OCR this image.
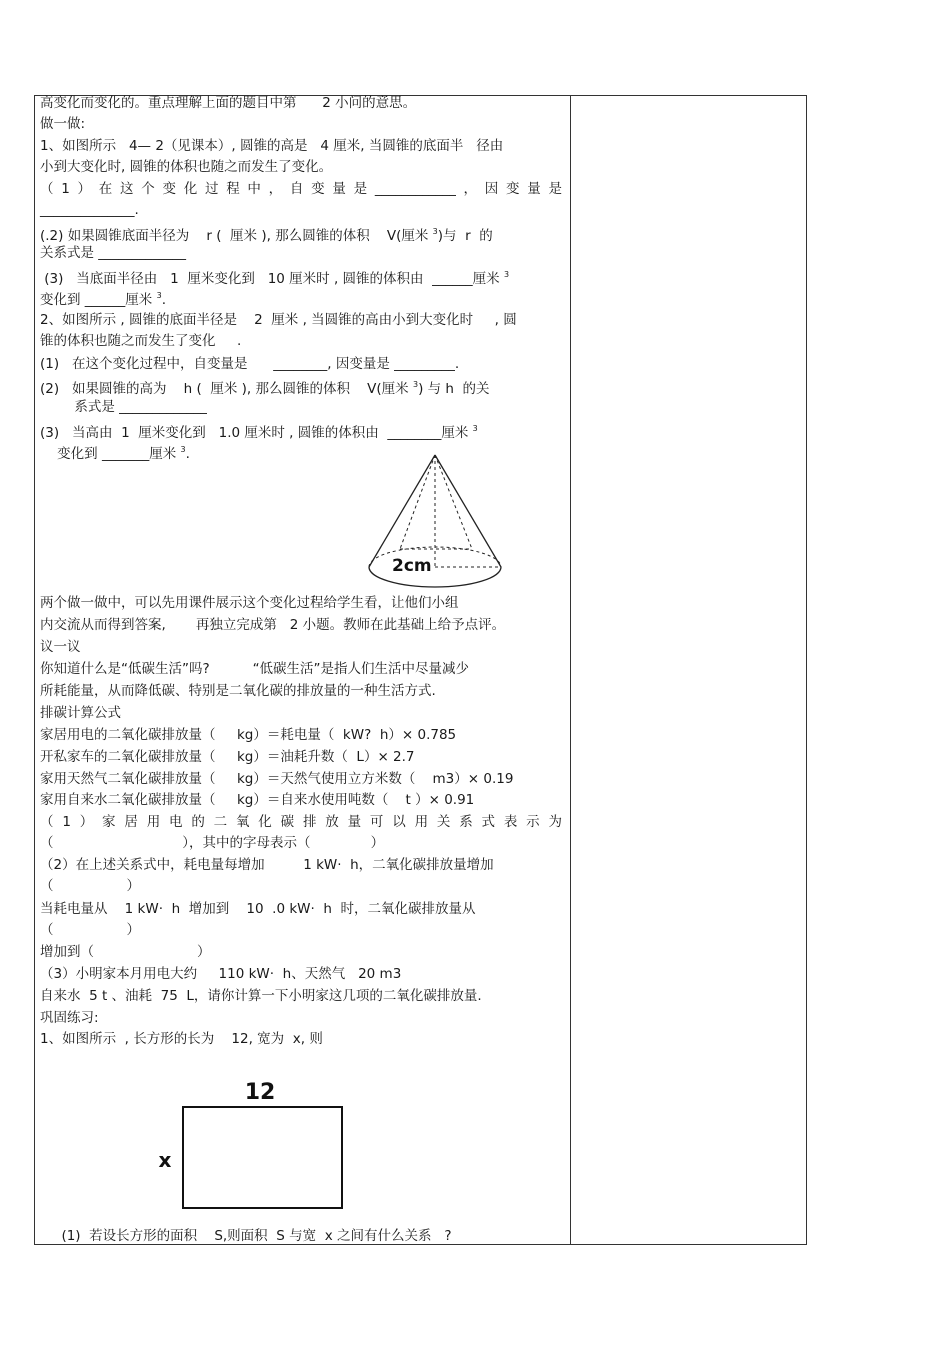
高变化而变化的。重点理解上面的题目中第      2 小问的意思。
做一做:
1、如图所示   4— 2（见课本）, 圆锥的高是   4 厘米, 当圆锥的底面半   径由
小到大变化时, 圆锥的体积也随之而发生了变化。
（1）在这个变化过程中，自变量是____________，因变量是
______________.
(.2) 如果圆锥底面半径为    r (  厘米 ), 那么圆锥的体积    V(厘米 $^3$)与  r  的
关系式是 _____________
(3)   当底面半径由   1  厘米变化到   10 厘米时 , 圆锥的体积由  ______厘米 $^3$
变化到 ______厘米 $^3$.
2、如图所示 , 圆锥的底面半径是    2  厘米 , 当圆锥的高由小到大变化时     , 圆
锥的体积也随之而发生了变化     .
(1)   在这个变化过程中，自变量是      ________, 因变量是 _________.
(2)   如果圆锥的高为    h (  厘米 ), 那么圆锥的体积    V(厘米 $^3$) 与 h  的关
系式是 _____________
(3)   当高由  1  厘米变化到   1.0 厘米时 , 圆锥的体积由  ________厘米 $^3$
变化到 _______厘米 $^3$.
两个做一做中，可以先用课件展示这个变化过程给学生看，让他们小组
内交流从而得到答案,       再独立完成第   2 小题。教师在此基础上给予点评。
议一议
你知道什么是“低碳生活”吗?          “低碳生活”是指人们生活中尽量减少
所耗能量，从而降低碳、特别是二氧化碳的排放量的一种生活方式.
排碳计算公式
家居用电的二氧化碳排放量（     kg）＝耗电量（  kW?  h）× 0.785
开私家车的二氧化碳排放量（     kg）＝油耗升数（  L）× 2.7
家用天然气二氧化碳排放量（     kg）＝天然气使用立方米数（    m3）× 0.19
家用自来水二氧化碳排放量（     kg）＝自来水使用吨数（    t ）× 0.91
（1）家居用电的二氧化碳排放量可以用关系式表示为
（                              ），其中的字母表示（              ）
（2）在上述关系式中，耗电量每增加         1 kW·  h，二氧化碳排放量增加
（                 ）
当耗电量从    1 kW·  h  增加到    10  .0 kW·  h  时，二氧化碳排放量从
（                 ）
增加到（                        ）
（3）小明家本月用电大约     110 kW·  h、天然气   20 m3
自来水  5 t 、油耗  75  L，请你计算一下小明家这几项的二氧化碳排放量.
巩固练习:
1、如图所示  , 长方形的长为    12, 宽为  x, 则
(1)  若设长方形的面积    S,则面积  S 与宽  x 之间有什么关系   ?
2cm
12
x
